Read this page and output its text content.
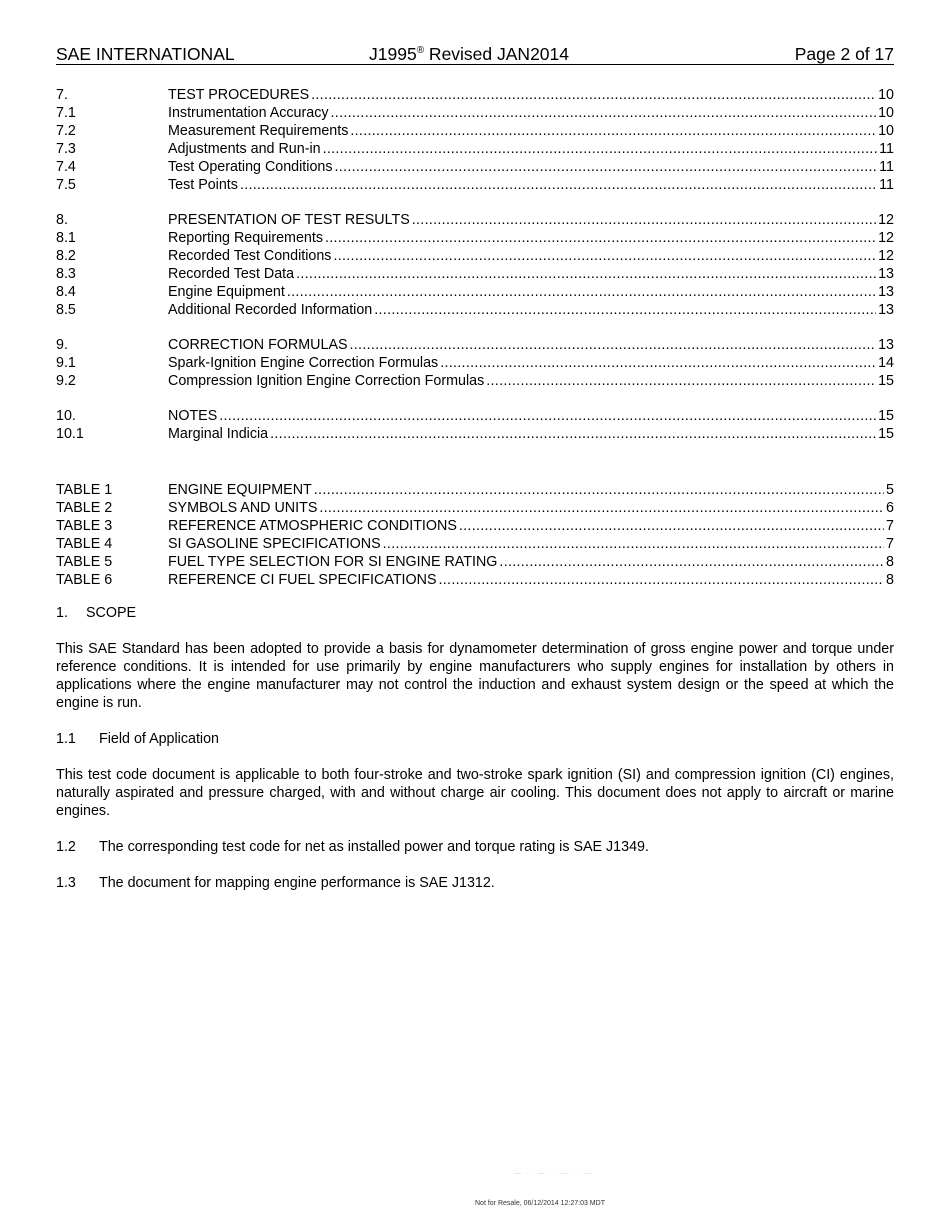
SAE INTERNATIONAL	J1995® Revised JAN2014	Page 2 of 17
7.	TEST PROCEDURES .....	10
7.1	Instrumentation Accuracy .....	10
7.2	Measurement Requirements .....	10
7.3	Adjustments and Run-in .....	11
7.4	Test Operating Conditions .....	11
7.5	Test Points .....	11
8.	PRESENTATION OF TEST RESULTS .....	12
8.1	Reporting Requirements .....	12
8.2	Recorded Test Conditions .....	12
8.3	Recorded Test Data .....	13
8.4	Engine Equipment .....	13
8.5	Additional Recorded Information .....	13
9.	CORRECTION FORMULAS .....	13
9.1	Spark-Ignition Engine Correction Formulas .....	14
9.2	Compression Ignition Engine Correction Formulas .....	15
10.	NOTES .....	15
10.1	Marginal Indicia .....	15
TABLE 1	ENGINE EQUIPMENT .....	5
TABLE 2	SYMBOLS AND UNITS .....	6
TABLE 3	REFERENCE ATMOSPHERIC CONDITIONS .....	7
TABLE 4	SI GASOLINE SPECIFICATIONS .....	7
TABLE 5	FUEL TYPE SELECTION FOR SI ENGINE RATING .....	8
TABLE 6	REFERENCE CI FUEL SPECIFICATIONS .....	8
1. SCOPE

This SAE Standard has been adopted to provide a basis for dynamometer determination of gross engine power and torque under reference conditions. It is intended for use primarily by engine manufacturers who supply engines for installation by others in applications where the engine manufacturer may not control the induction and exhaust system design or the speed at which the engine is run.

1.1 Field of Application

This test code document is applicable to both four-stroke and two-stroke spark ignition (SI) and compression ignition (CI) engines, naturally aspirated and pressure charged, with and without charge air cooling. This document does not apply to aircraft or marine engines.

1.2 The corresponding test code for net as installed power and torque rating is SAE J1349.
1.3 The document for mapping engine performance is SAE J1312.
— · · — · · — · · —
Not for Resale, 06/12/2014 12:27:03 MDT
